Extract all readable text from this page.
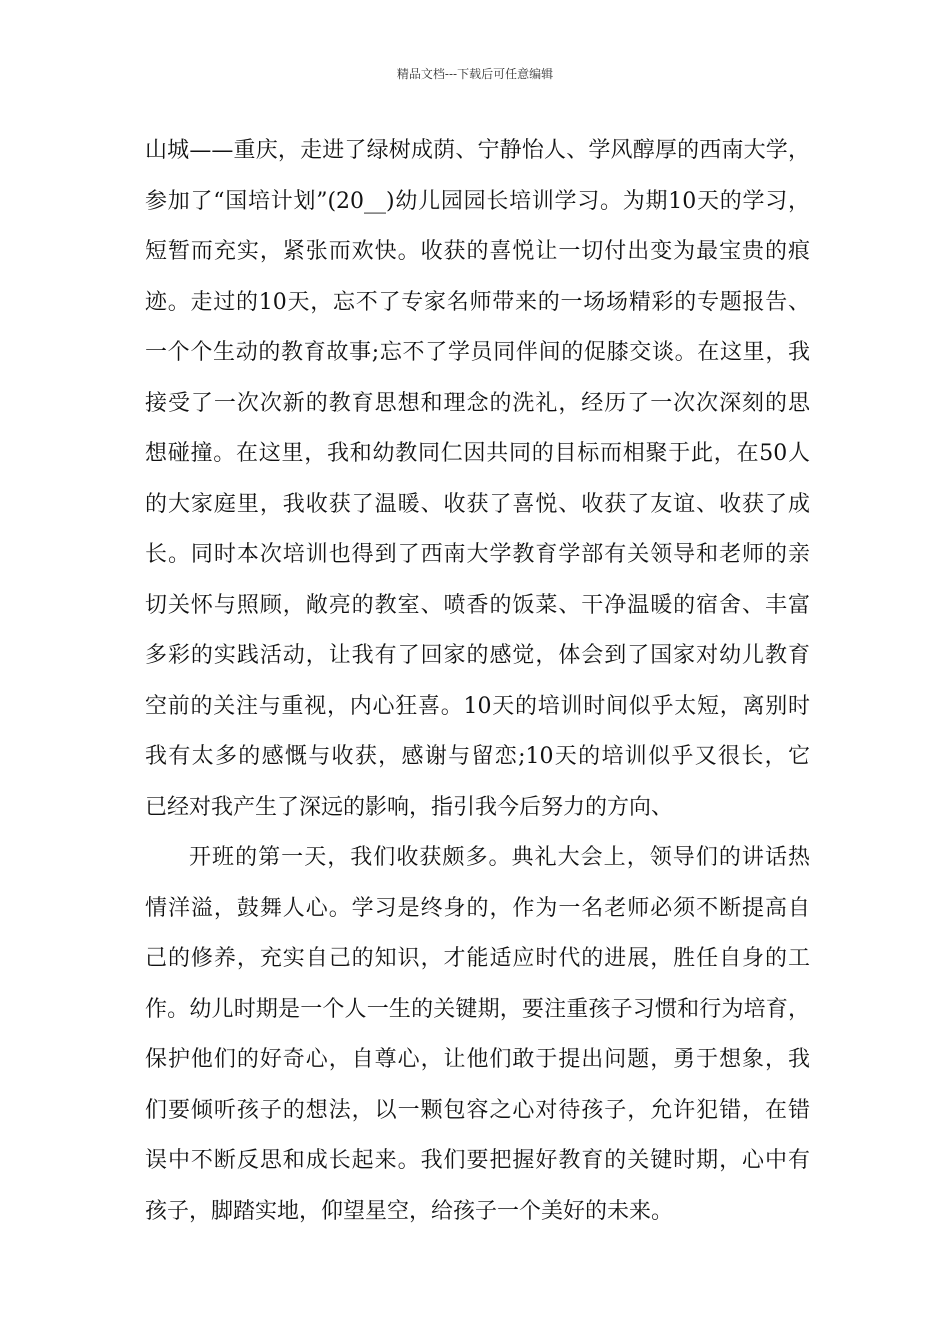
精品文档---下载后可任意编辑
山城——重庆，走进了绿树成荫、宁静怡人、学风醇厚的西南大学，
参加了“国培计划”(20__)幼儿园园长培训学习。为期10天的学习，
短暂而充实，紧张而欢快。收获的喜悦让一切付出变为最宝贵的痕
迹。走过的10天，忘不了专家名师带来的一场场精彩的专题报告、
一个个生动的教育故事;忘不了学员同伴间的促膝交谈。在这里，我
接受了一次次新的教育思想和理念的洗礼，经历了一次次深刻的思
想碰撞。在这里，我和幼教同仁因共同的目标而相聚于此，在50人
的大家庭里，我收获了温暖、收获了喜悦、收获了友谊、收获了成
长。同时本次培训也得到了西南大学教育学部有关领导和老师的亲
切关怀与照顾，敞亮的教室、喷香的饭菜、干净温暖的宿舍、丰富
多彩的实践活动，让我有了回家的感觉，体会到了国家对幼儿教育
空前的关注与重视，内心狂喜。10天的培训时间似乎太短，离别时
我有太多的感慨与收获，感谢与留恋;10天的培训似乎又很长，它
已经对我产生了深远的影响，指引我今后努力的方向、
开班的第一天，我们收获颇多。典礼大会上，领导们的讲话热
情洋溢，鼓舞人心。学习是终身的，作为一名老师必须不断提高自
己的修养，充实自己的知识，才能适应时代的进展，胜任自身的工
作。幼儿时期是一个人一生的关键期，要注重孩子习惯和行为培育，
保护他们的好奇心，自尊心，让他们敢于提出问题，勇于想象，我
们要倾听孩子的想法，以一颗包容之心对待孩子，允许犯错，在错
误中不断反思和成长起来。我们要把握好教育的关键时期，心中有
孩子，脚踏实地，仰望星空，给孩子一个美好的未来。
